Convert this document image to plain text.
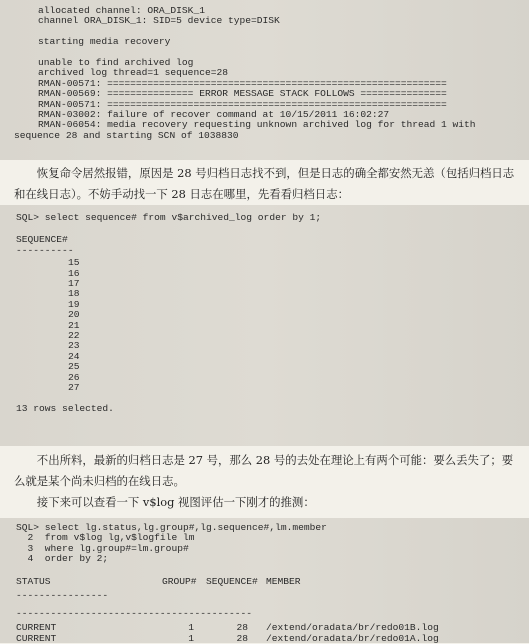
allocated channel: ORA_DISK_1
channel ORA_DISK_1: SID=5 device type=DISK

starting media recovery

unable to find archived log
archived log thread=1 sequence=28
RMAN-00571: ===========================================================
RMAN-00569: =============== ERROR MESSAGE STACK FOLLOWS ===============
RMAN-00571: ===========================================================
RMAN-03002: failure of recover command at 10/15/2011 16:02:27
RMAN-06054: media recovery requesting unknown archived log for thread 1 with
sequence 28 and starting SCN of 1038830

恢复命令居然报错，原因是 28 号归档日志找不到，但是日志的确全都安然无恙（包括归档日志和在线日志）。不妨手动找一下 28 日志在哪里，先看看归档日志：

SQL> select sequence# from v$archived_log order by 1;
SEQUENCE#
----------
15
16
17
18
19
20
21
22
23
24
25
26
27
13 rows selected.

不出所料，最新的归档日志是 27 号，那么 28 号的去处在理论上有两个可能：要么丢失了；要么就是某个尚未归档的在线日志。

接下来可以查看一下 v$log 视图评估一下刚才的推测：

SQL> select lg.status,lg.group#,lg.sequence#,lm.member
2  from v$log lg,v$logfile lm
3  where lg.group#=lm.group#
4  order by 2;
STATUS	GROUP# SEQUENCE# MEMBER
----------------
-----------------------------------------
CURRENT	1	28 /extend/oradata/br/redo01B.log
CURRENT	1	28 /extend/oradata/br/redo01A.log
